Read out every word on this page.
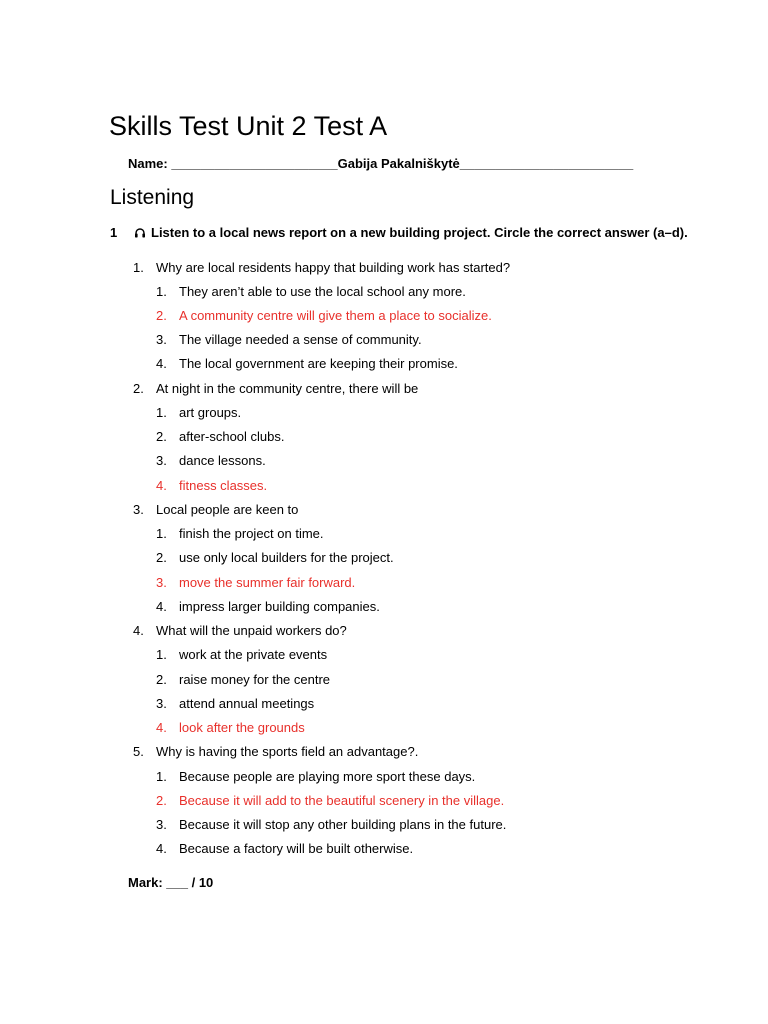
Skills Test Unit 2 Test A
Name: _______________________Gabija Pakalniškytė________________________
Listening
1	Listen to a local news report on a new building project. Circle the correct answer (a–d).
1. Why are local residents happy that building work has started?
1. They aren’t able to use the local school any more.
2. A community centre will give them a place to socialize.
3. The village needed a sense of community.
4. The local government are keeping their promise.
2. At night in the community centre, there will be
1. art groups.
2. after-school clubs.
3. dance lessons.
4. fitness classes.
3. Local people are keen to
1. finish the project on time.
2. use only local builders for the project.
3. move the summer fair forward.
4. impress larger building companies.
4. What will the unpaid workers do?
1. work at the private events
2. raise money for the centre
3. attend annual meetings
4. look after the grounds
5. Why is having the sports field an advantage?.
1. Because people are playing more sport these days.
2. Because it will add to the beautiful scenery in the village.
3. Because it will stop any other building plans in the future.
4. Because a factory will be built otherwise.
Mark: ___ / 10
